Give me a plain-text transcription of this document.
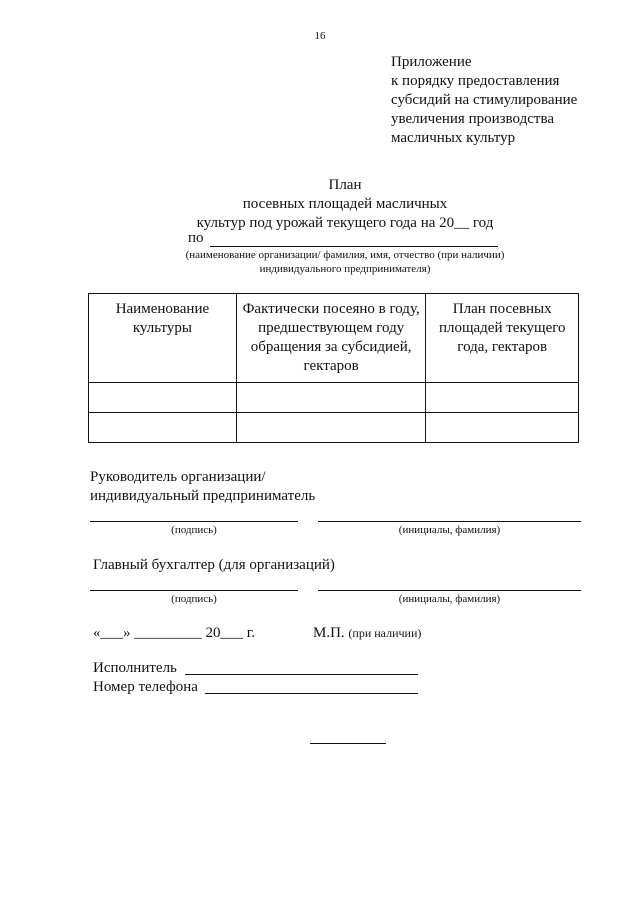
16
Приложение
к порядку предоставления
субсидий на стимулирование
увеличения производства
масличных культур
План
посевных площадей масличных
культур под урожай текущего года на 20__ год
по
(наименование организации/ фамилия, имя, отчество (при наличии)
индивидуального предпринимателя)
Наименование культуры	Фактически посеяно в году, предшествующем году обращения за субсидией, гектаров	План посевных площадей текущего года, гектаров

Руководитель организации/
индивидуальный предприниматель
(подпись)	(инициалы, фамилия)
Главный бухгалтер (для организаций)
(подпись)	(инициалы, фамилия)
«___» _________ 20___ г.	М.П. (при наличии)
Исполнитель
Номер телефона
